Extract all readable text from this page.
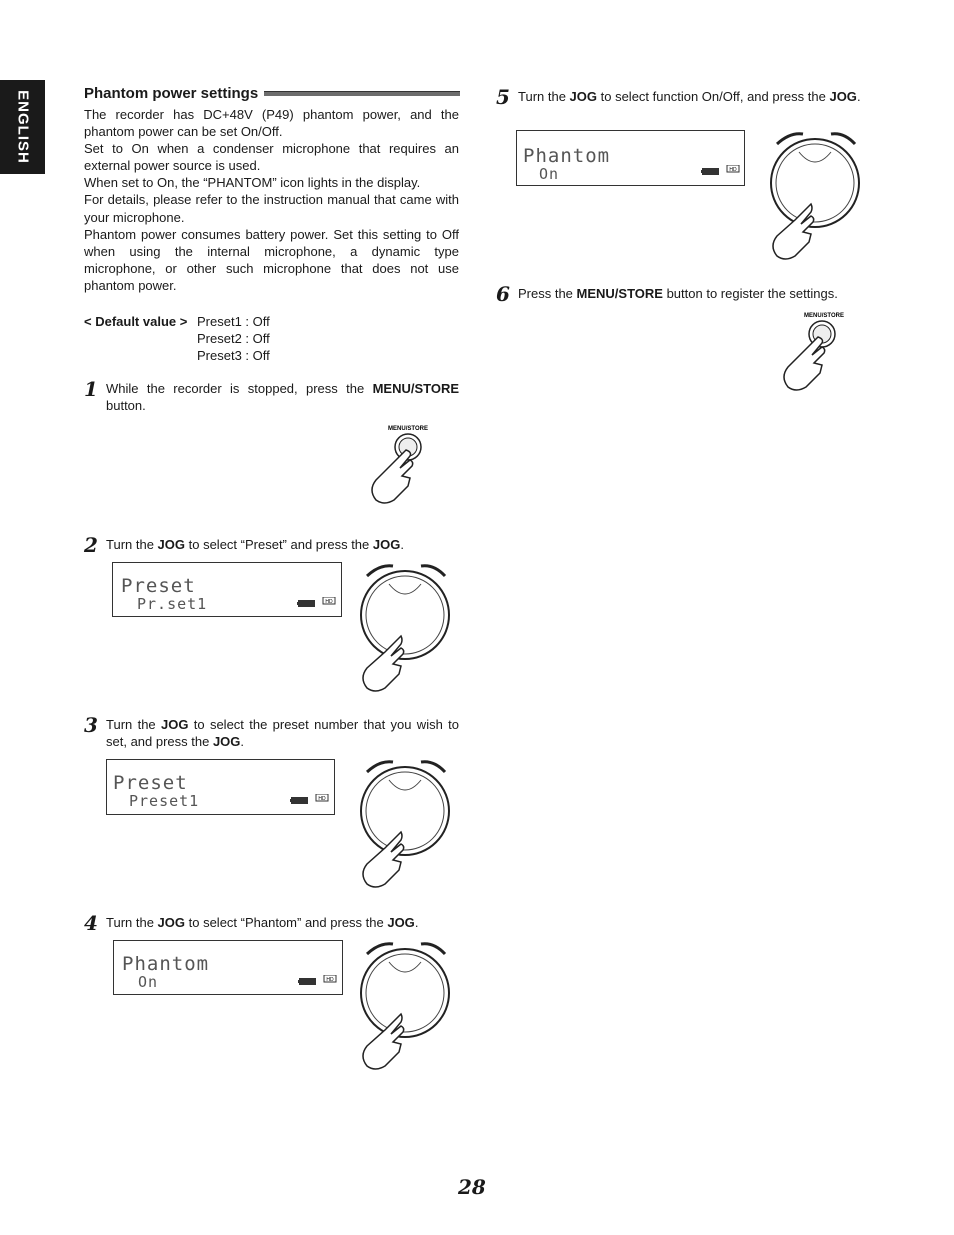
ENGLISH	Phantom power settings

The recorder has DC+48V (P49) phantom power, and the phantom power can be set On/Off.

Set to On when a condenser microphone that requires an external power source is used.

When set to On, the “PHANTOM” icon lights in the display.

For details, please refer to the instruction manual that came with your microphone.

Phantom power consumes battery power. Set this setting to Off when using the internal microphone, a dynamic type microphone, or other such microphone that does not use phantom power.

< Default value > Preset1 : Off
Preset2 : Off
Preset3 : Off
1 While the recorder is stopped, press the MENU/STORE button.
MENU/STORE
2 Turn the JOG to select “Preset” and press the JOG.
Preset
Pr.set1	HD
3 Turn the JOG to select the preset number that you wish to set, and press the JOG.
Preset
Preset1	HD
4 Turn the JOG to select “Phantom” and press the JOG.
Phantom
On	HD
5 Turn the JOG to select function On/Off, and press the JOG.
Phantom
On	HD
6 Press the MENU/STORE button to register the settings.
MENU/STORE
28
